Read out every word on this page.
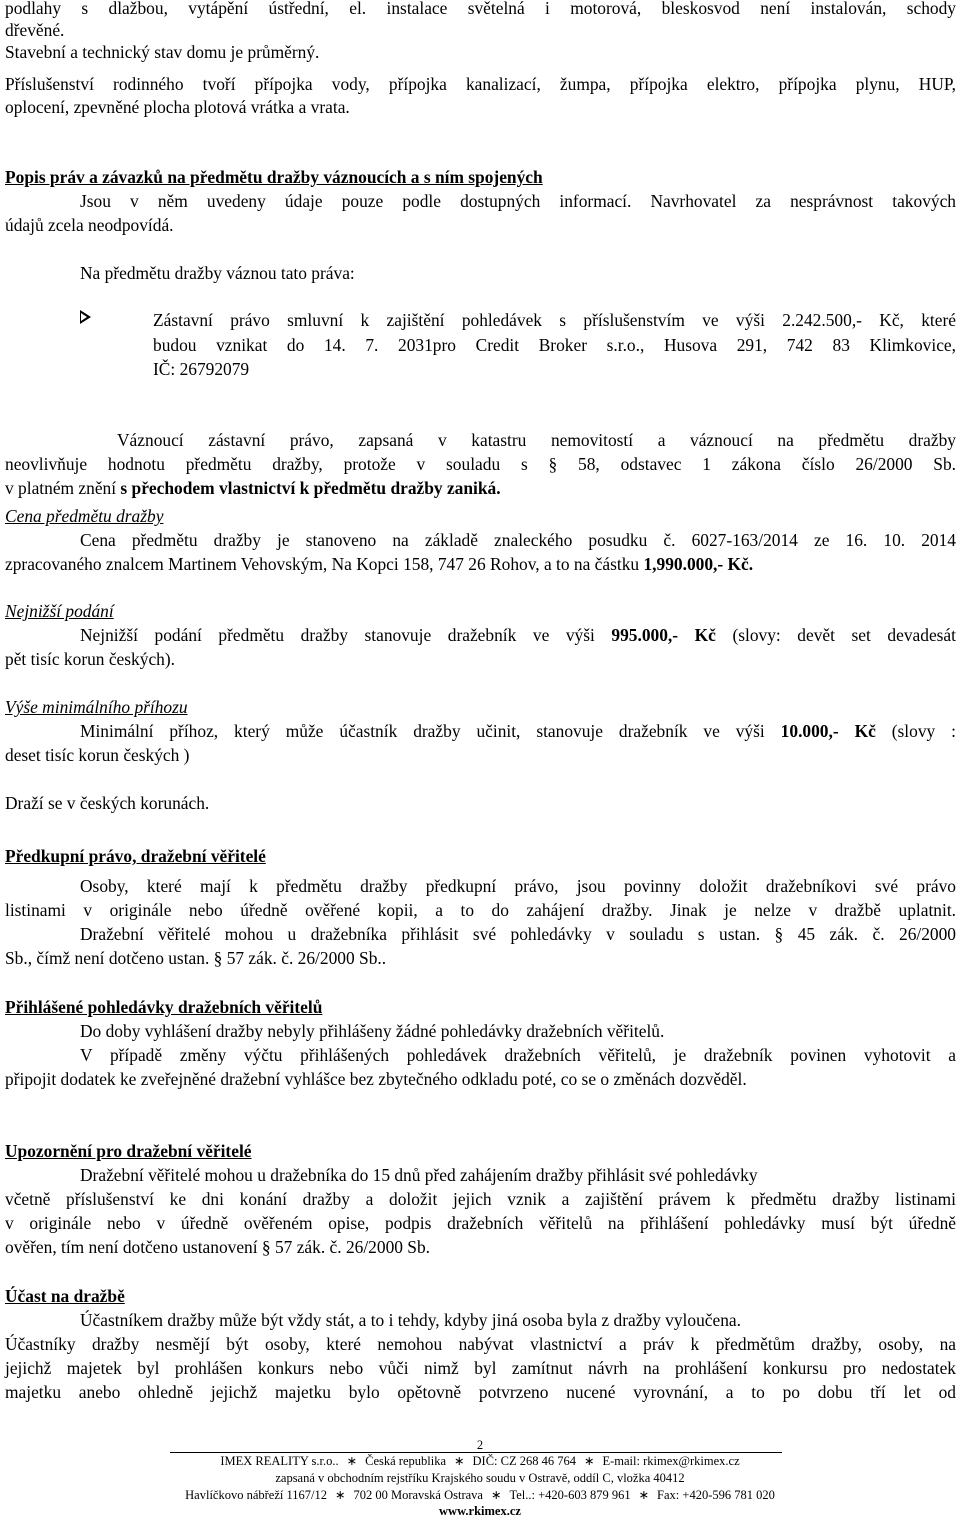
podlahy s dlažbou, vytápění ústřední, el. instalace světelná i motorová, bleskosvod není instalován, schody
dřevěné.
Stavební a technický stav domu je průměrný.
Příslušenství rodinného tvoří přípojka vody, přípojka kanalizací, žumpa, přípojka elektro, přípojka plynu, HUP,
oplocení, zpevněné plocha plotová vrátka a vrata.
Popis práv a závazků na předmětu dražby váznoucích a s ním spojených
Jsou v něm uvedeny údaje pouze podle dostupných informací. Navrhovatel za nesprávnost takových
údajů zcela neodpovídá.
Na předmětu dražby váznou tato práva:
Zástavní právo smluvní k zajištění pohledávek s příslušenstvím ve výši 2.242.500,- Kč, které
budou vznikat do 14. 7. 2031pro Credit Broker s.r.o., Husova 291, 742 83 Klimkovice,
IČ: 26792079
Váznoucí zástavní právo, zapsaná v katastru nemovitostí a váznoucí na předmětu dražby
neovlivňuje hodnotu předmětu dražby, protože v souladu s § 58, odstavec 1 zákona číslo 26/2000 Sb.
v platném znění s přechodem vlastnictví k předmětu dražby zaniká.
Cena předmětu dražby
Cena předmětu dražby je stanoveno na základě znaleckého posudku č. 6027-163/2014 ze 16. 10. 2014
zpracovaného znalcem Martinem Vehovským, Na Kopci 158, 747 26 Rohov, a to na částku 1,990.000,- Kč.
Nejnižší podání
Nejnižší podání předmětu dražby stanovuje dražebník ve výši 995.000,- Kč (slovy: devět set devadesát
pět tisíc korun českých).
Výše minimálního příhozu
Minimální příhoz, který může účastník dražby učinit, stanovuje dražebník ve výši 10.000,- Kč (slovy :
deset tisíc korun českých )
Draží se v českých korunách.
Předkupní právo, dražební věřitelé
Osoby, které mají k předmětu dražby předkupní právo, jsou povinny doložit dražebníkovi své právo
listinami v originále nebo úředně ověřené kopii, a to do zahájení dražby. Jinak je nelze v dražbě uplatnit.
Dražební věřitelé mohou u dražebníka přihlásit své pohledávky v souladu s ustan. § 45 zák. č. 26/2000
Sb., čímž není dotčeno ustan. § 57 zák. č. 26/2000 Sb..
Přihlášené pohledávky dražebních věřitelů
Do doby vyhlášení dražby nebyly přihlášeny žádné pohledávky dražebních věřitelů.
V případě změny výčtu přihlášených pohledávek dražebních věřitelů, je dražebník povinen vyhotovit a
připojit dodatek ke zveřejněné dražební vyhlášce bez zbytečného odkladu poté, co se o změnách dozvěděl.
Upozornění pro dražební věřitelé
Dražební věřitelé mohou u dražebníka do 15 dnů před zahájením dražby přihlásit své pohledávky
včetně příslušenství ke dni konání dražby a doložit jejich vznik a zajištění právem k předmětu dražby listinami
v originále nebo v úředně ověřeném opise, podpis dražebních věřitelů na přihlášení pohledávky musí být úředně
ověřen, tím není dotčeno ustanovení § 57 zák. č. 26/2000 Sb.
Účast na dražbě
Účastníkem dražby může být vždy stát, a to i tehdy, kdyby jiná osoba byla z dražby vyloučena.
Účastníky dražby nesmějí být osoby, které nemohou nabývat vlastnictví a práv k předmětům dražby, osoby, na
jejichž majetek byl prohlášen konkurs nebo vůči nimž byl zamítnut návrh na prohlášení konkursu pro nedostatek
majetku anebo ohledně jejichž majetku bylo opětovně potvrzeno nucené vyrovnání, a to po dobu tří let od
2
IMEX REALITY s.r.o.. ∗ Česká republika ∗ DIČ: CZ 268 46 764 ∗ E-mail: rkimex@rkimex.cz
zapsaná v obchodním rejstříku Krajského soudu v Ostravě, oddíl C, vložka 40412
Havlíčkovo nábřeží 1167/12 ∗ 702 00 Moravská Ostrava ∗ Tel..: +420-603 879 961 ∗ Fax: +420-596 781 020
www.rkimex.cz
